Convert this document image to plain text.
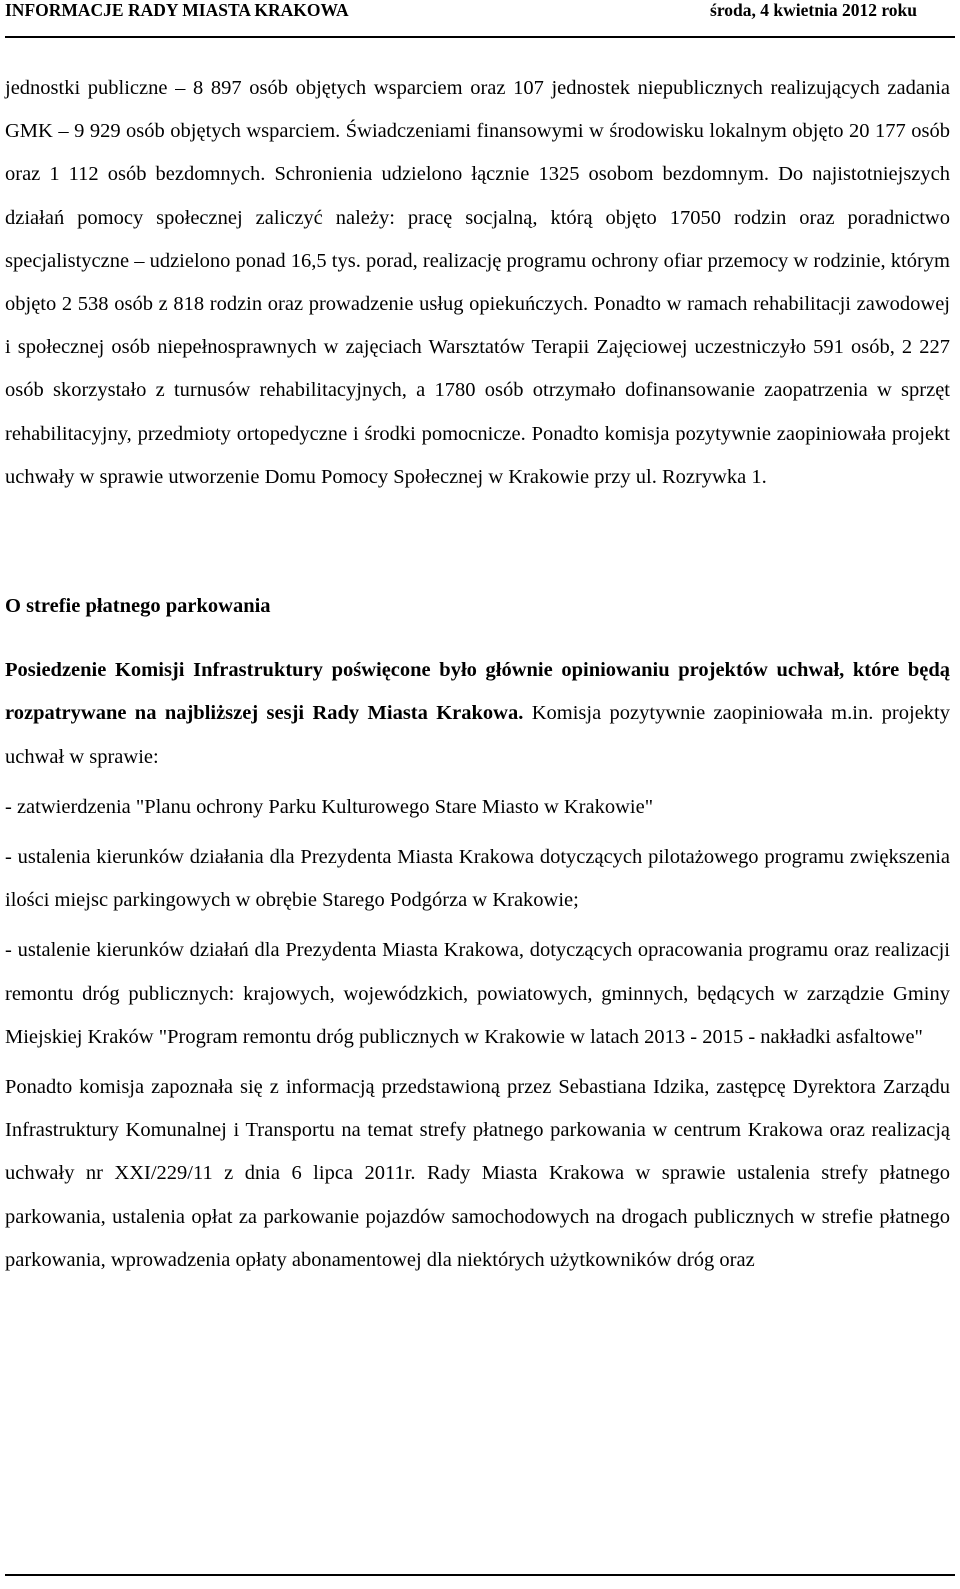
INFORMACJE RADY MIASTA KRAKOWA	środa, 4 kwietnia 2012 roku

jednostki publiczne – 8 897 osób objętych wsparciem oraz 107 jednostek niepublicznych realizujących zadania GMK – 9 929 osób objętych wsparciem. Świadczeniami finansowymi w środowisku lokalnym objęto 20 177 osób oraz 1 112 osób bezdomnych. Schronienia udzielono łącznie 1325 osobom bezdomnym. Do najistotniejszych działań pomocy społecznej zaliczyć należy: pracę socjalną, którą objęto 17050 rodzin oraz poradnictwo specjalistyczne – udzielono ponad 16,5 tys. porad, realizację programu ochrony ofiar przemocy w rodzinie, którym objęto 2 538 osób z 818 rodzin oraz prowadzenie usług opiekuńczych. Ponadto w ramach rehabilitacji zawodowej i społecznej osób niepełnosprawnych w zajęciach Warsztatów Terapii Zajęciowej uczestniczyło 591 osób, 2 227 osób skorzystało z turnusów rehabilitacyjnych, a 1780 osób otrzymało dofinansowanie zaopatrzenia w sprzęt rehabilitacyjny, przedmioty ortopedyczne i środki pomocnicze. Ponadto komisja pozytywnie zaopiniowała projekt uchwały w sprawie utworzenie Domu Pomocy Społecznej w Krakowie przy ul. Rozrywka 1.

O strefie płatnego parkowania

Posiedzenie Komisji Infrastruktury poświęcone było głównie opiniowaniu projektów uchwał, które będą rozpatrywane na najbliższej sesji Rady Miasta Krakowa. Komisja pozytywnie zaopiniowała m.in. projekty uchwał w sprawie:

- zatwierdzenia "Planu ochrony Parku Kulturowego Stare Miasto w Krakowie"

- ustalenia kierunków działania dla Prezydenta Miasta Krakowa dotyczących pilotażowego programu zwiększenia ilości miejsc parkingowych w obrębie Starego Podgórza w Krakowie;

- ustalenie kierunków działań dla Prezydenta Miasta Krakowa, dotyczących opracowania programu oraz realizacji remontu dróg publicznych: krajowych, wojewódzkich, powiatowych, gminnych, będących w zarządzie Gminy Miejskiej Kraków "Program remontu dróg publicznych w Krakowie w latach 2013 - 2015 - nakładki asfaltowe"

Ponadto komisja zapoznała się z informacją przedstawioną przez Sebastiana Idzika, zastępcę Dyrektora Zarządu Infrastruktury Komunalnej i Transportu na temat strefy płatnego parkowania w centrum Krakowa oraz realizacją uchwały nr XXI/229/11 z dnia 6 lipca 2011r. Rady Miasta Krakowa w sprawie ustalenia strefy płatnego parkowania, ustalenia opłat za parkowanie pojazdów samochodowych na drogach publicznych w strefie płatnego parkowania, wprowadzenia opłaty abonamentowej dla niektórych użytkowników dróg oraz
